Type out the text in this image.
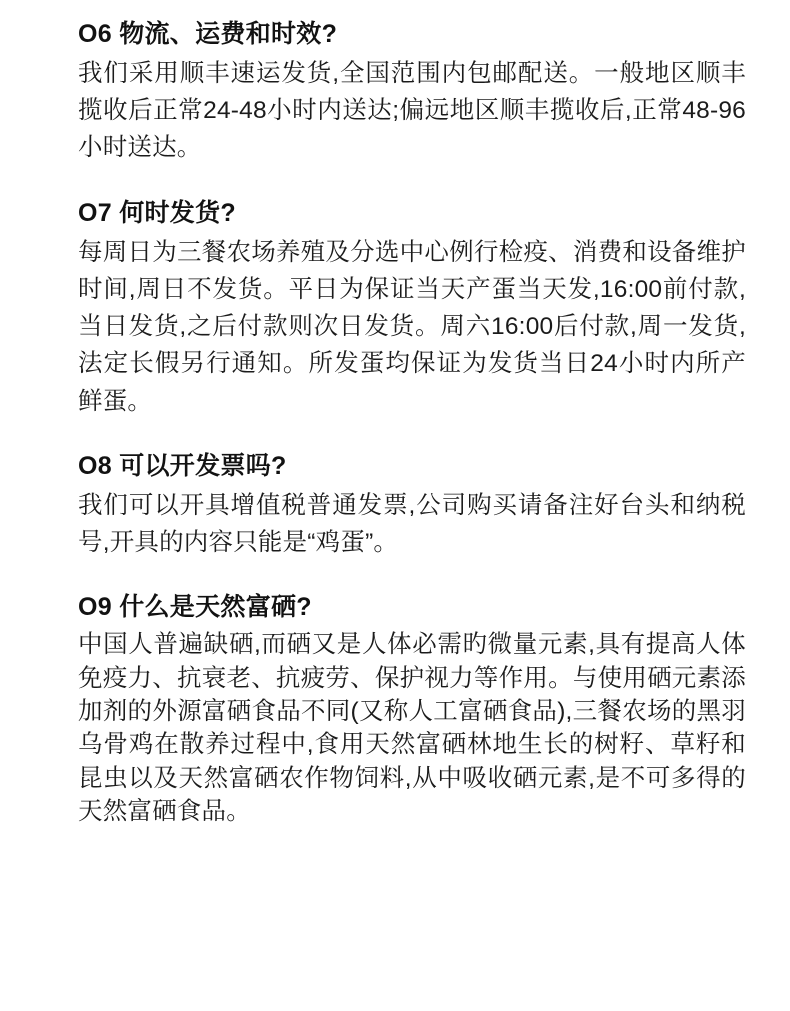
O6 物流、运费和时效?

我们采用顺丰速运发货,全国范围内包邮配送。一般地区顺丰揽收后正常24-48小时内送达;偏远地区顺丰揽收后,正常48-96小时送达。

O7 何时发货?

每周日为三餐农场养殖及分选中心例行检疫、消费和设备维护时间,周日不发货。平日为保证当天产蛋当天发,16:00前付款,当日发货,之后付款则次日发货。周六16:00后付款,周一发货,法定长假另行通知。所发蛋均保证为发货当日24小时内所产鲜蛋。

O8 可以开发票吗?

我们可以开具增值税普通发票,公司购买请备注好台头和纳税号,开具的内容只能是“鸡蛋”。

O9 什么是天然富硒?

中国人普遍缺硒,而硒又是人体必需旳微量元素,具有提高人体免疫力、抗衰老、抗疲劳、保护视力等作用。与使用硒元素添加剂的外源富硒食品不同(又称人工富硒食品),三餐农场的黑羽乌骨鸡在散养过程中,食用天然富硒林地生长的树籽、草籽和昆虫以及天然富硒农作物饲料,从中吸收硒元素,是不可多得的天然富硒食品。
